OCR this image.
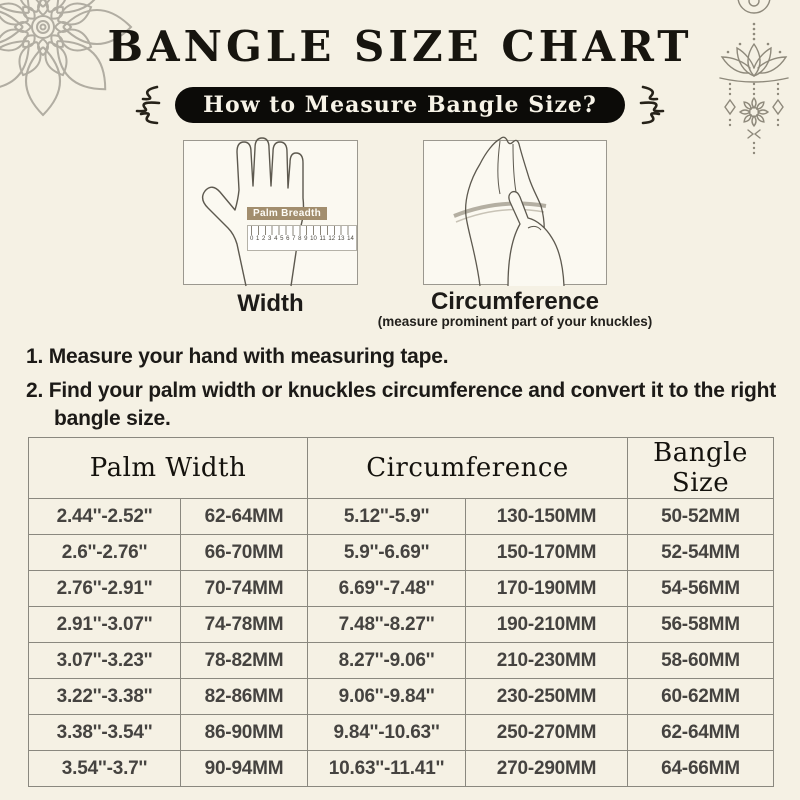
BANGLE SIZE CHART
How to Measure Bangle Size?
Palm Breadth
0 1 2 3 4 5 6 7 8 9 10 11 12 13 14
Width	Circumference
(measure prominent part of your knuckles)

1. Measure your hand with measuring tape.

2. Find your palm width or knuckles circumference and convert it to the right bangle size.

Palm Width		Circumference		Bangle Size
2.44''-2.52''	62-64MM	5.12''-5.9''	130-150MM	50-52MM
2.6''-2.76''	66-70MM	5.9''-6.69''	150-170MM	52-54MM
2.76''-2.91''	70-74MM	6.69''-7.48''	170-190MM	54-56MM
2.91''-3.07''	74-78MM	7.48''-8.27''	190-210MM	56-58MM
3.07''-3.23''	78-82MM	8.27''-9.06''	210-230MM	58-60MM
3.22''-3.38''	82-86MM	9.06''-9.84''	230-250MM	60-62MM
3.38''-3.54''	86-90MM	9.84''-10.63''	250-270MM	62-64MM
3.54''-3.7''	90-94MM	10.63''-11.41''	270-290MM	64-66MM
